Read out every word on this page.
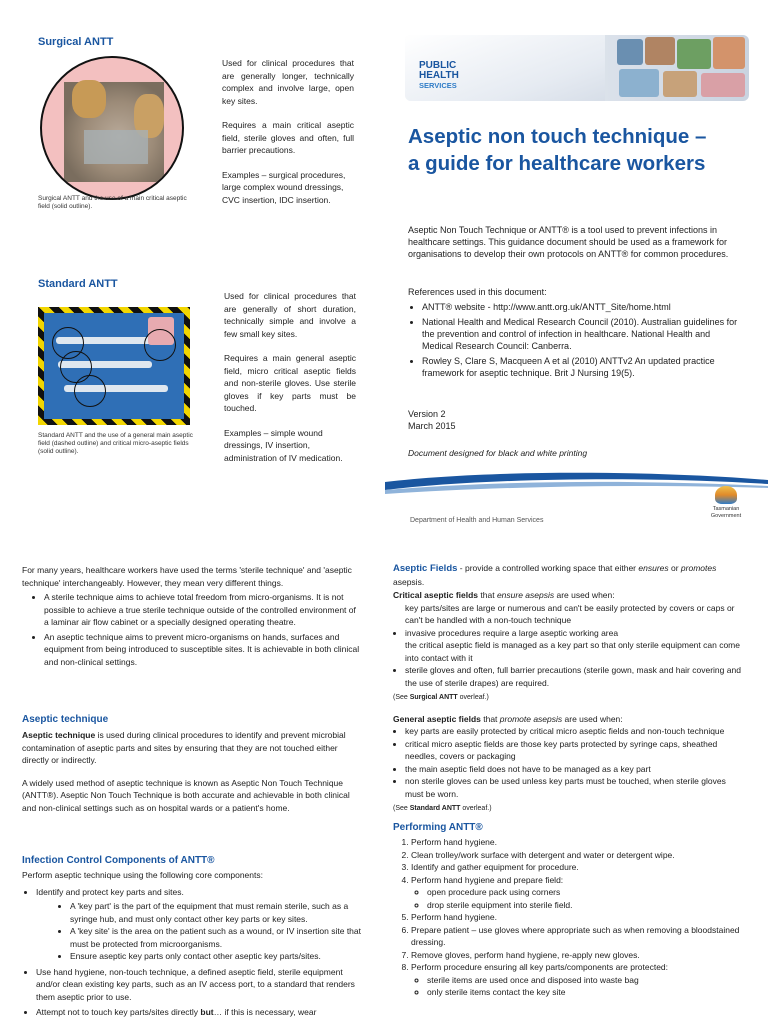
Surgical ANTT
Surgical ANTT and the use of a main critical aseptic field (solid outline).

Used for clinical procedures that are generally longer, technically complex and involve large, open key sites.

Requires a main critical aseptic field, sterile gloves and often, full barrier precautions.

Examples – surgical procedures, large complex wound dressings, CVC insertion, IDC insertion.

Standard ANTT
Standard ANTT and the use of a general main aseptic field (dashed outline) and critical micro-aseptic fields (solid outline).

Used for clinical procedures that are generally of short duration, technically simple and involve a few small key sites.

Requires a main general aseptic field, micro critical aseptic fields and non-sterile gloves. Use sterile gloves if key parts must be touched.

Examples – simple wound dressings, IV insertion, administration of IV medication.

PUBLIC
HEALTH
SERVICES
Aseptic non touch technique – a guide for healthcare workers
Aseptic Non Touch Technique or ANTT® is a tool used to prevent infections in healthcare settings. This guidance document should be used as a framework for organisations to develop their own protocols on ANTT® for common procedures.
References used in this document:
• ANTT® website - http://www.antt.org.uk/ANTT_Site/home.html
• National Health and Medical Research Council (2010). Australian guidelines for the prevention and control of infection in healthcare. National Health and Medical Research Council: Canberra.
• Rowley S, Clare S, Macqueen A et al (2010) ANTTv2 An updated practice framework for aseptic technique. Brit J Nursing 19(5).
Version 2
March 2015
Document designed for black and white printing
Department of Health and Human Services
Tasmanian
Government

For many years, healthcare workers have used the terms 'sterile technique' and 'aseptic technique' interchangeably. However, they mean very different things.

• A sterile technique aims to achieve total freedom from micro-organisms. It is not possible to achieve a true sterile technique outside of the controlled environment of a laminar air flow cabinet or a specially designed operating theatre.
• An aseptic technique aims to prevent micro-organisms on hands, surfaces and equipment from being introduced to susceptible sites. It is achievable in both clinical and non-clinical settings.
Aseptic technique

Aseptic technique is used during clinical procedures to identify and prevent microbial contamination of aseptic parts and sites by ensuring that they are not touched either directly or indirectly.

A widely used method of aseptic technique is known as Aseptic Non Touch Technique (ANTT®). Aseptic Non Touch Technique is both accurate and achievable in both clinical and non-clinical settings such as on hospital wards or a patient's home.

Infection Control Components of ANTT®
Perform aseptic technique using the following core components:
• Identify and protect key parts and sites.
• A 'key part' is the part of the equipment that must remain sterile, such as a syringe hub, and must only contact other key parts or key sites.
• A 'key site' is the area on the patient such as a wound, or IV insertion site that must be protected from microorganisms.
• Ensure aseptic key parts only contact other aseptic key parts/sites.
• Use hand hygiene, non-touch technique, a defined aseptic field, sterile equipment and/or clean existing key parts, such as an IV access port, to a standard that renders them aseptic prior to use.
• Attempt not to touch key parts/sites directly but… if this is necessary, wear
Aseptic Fields - provide a controlled working space that either ensures or promotes asepsis.
Critical aseptic fields that ensure asepsis are used when:
key parts/sites are large or numerous and can't be easily protected by covers or caps or can't be handled with a non-touch technique
• invasive procedures require a large aseptic working area
the critical aseptic field is managed as a key part so that only sterile equipment can come into contact with it
• sterile gloves and often, full barrier precautions (sterile gown, mask and hair covering and the use of sterile drapes) are required.
(See Surgical ANTT overleaf.)
General aseptic fields that promote asepsis are used when:
• key parts are easily protected by critical micro aseptic fields and non-touch technique
• critical micro aseptic fields are those key parts protected by syringe caps, sheathed needles, covers or packaging
• the main aseptic field does not have to be managed as a key part
• non sterile gloves can be used unless key parts must be touched, when sterile gloves must be worn.
(See Standard ANTT overleaf.)
Performing ANTT®
1. Perform hand hygiene.
2. Clean trolley/work surface with detergent and water or detergent wipe.
3. Identify and gather equipment for procedure.
4. Perform hand hygiene and prepare field:
◦ open procedure pack using corners
◦ drop sterile equipment into sterile field.
5. Perform hand hygiene.
6. Prepare patient – use gloves where appropriate such as when removing a bloodstained dressing.
7. Remove gloves, perform hand hygiene, re-apply new gloves.
8. Perform procedure ensuring all key parts/components are protected:
◦ sterile items are used once and disposed into waste bag
◦ only sterile items contact the key site
